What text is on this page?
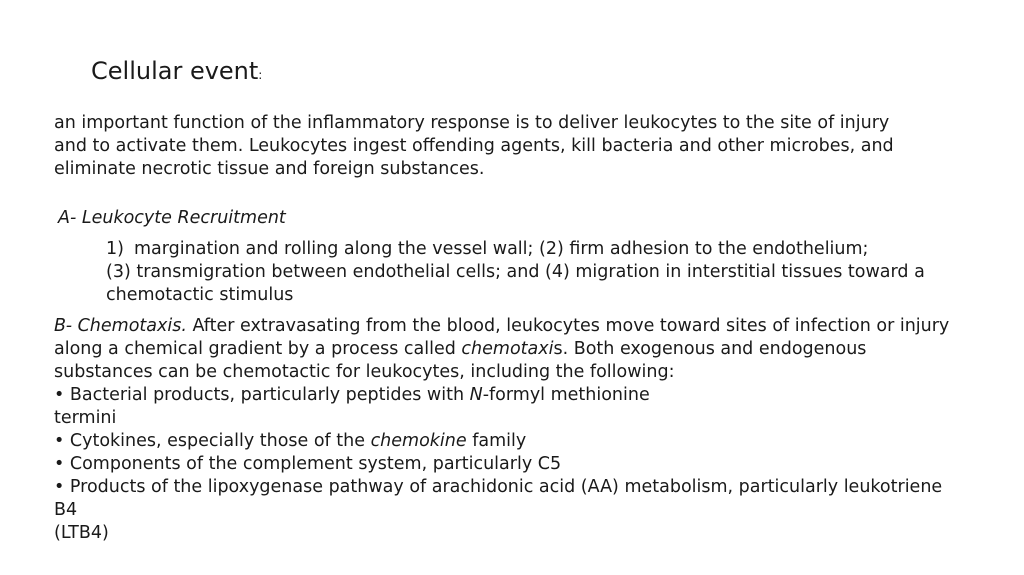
Cellular event:
an important function of the inflammatory response is to deliver leukocytes to the site of injury
and to activate them. Leukocytes ingest offending agents, kill bacteria and other microbes, and
eliminate necrotic tissue and foreign substances.
A- Leukocyte Recruitment
1) margination and rolling along the vessel wall; (2) firm adhesion to the endothelium;
(3) transmigration between endothelial cells; and (4) migration in interstitial tissues toward a
chemotactic stimulus
B- Chemotaxis. After extravasating from the blood, leukocytes move toward sites of infection or injury
along a chemical gradient by a process called chemotaxis. Both exogenous and endogenous
substances can be chemotactic for leukocytes, including the following:
• Bacterial products, particularly peptides with N-formyl methionine
termini
• Cytokines, especially those of the chemokine family
• Components of the complement system, particularly C5
• Products of the lipoxygenase pathway of arachidonic acid (AA) metabolism, particularly leukotriene
B4
(LTB4)
